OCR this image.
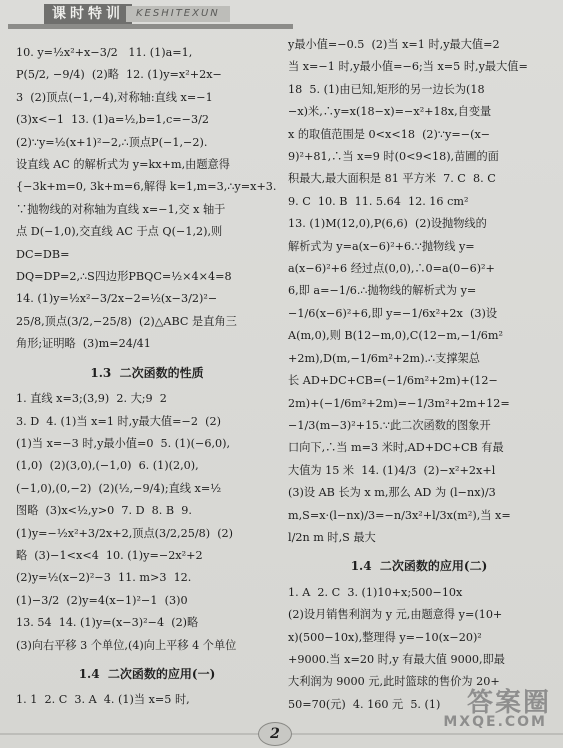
课时特训	KESHITEXUN

10. y=½x²+x−3/2   11. (1)a=1,

P(5/2, −9/4)  (2)略  12. (1)y=x²+2x−

3  (2)顶点(−1,−4),对称轴:直线 x=−1

(3)x<−1  13. (1)a=½,b=1,c=−3/2

(2)∵y=½(x+1)²−2,∴顶点P(−1,−2).

设直线 AC 的解析式为 y=kx+m,由题意得

{−3k+m=0, 3k+m=6,解得 k=1,m=3,∴y=x+3.

∵抛物线的对称轴为直线 x=−1,交 x 轴于

点 D(−1,0),交直线 AC 于点 Q(−1,2),则 DC=DB=

DQ=DP=2,∴S四边形PBQC=½×4×4=8

14. (1)y=½x²−3/2x−2=½(x−3/2)²−

25/8,顶点(3/2,−25/8)  (2)△ABC 是直角三

角形;证明略  (3)m=24/41

1.3  二次函数的性质

1. 直线 x=3;(3,9)  2. 大;9  2

3. D  4. (1)当 x=1 时,y最大值=−2  (2)

(1)当 x=−3 时,y最小值=0  5. (1)(−6,0),

(1,0)  (2)(3,0),(−1,0)  6. (1)(2,0),

(−1,0),(0,−2)  (2)(½,−9/4);直线 x=½

图略  (3)x<½,y>0  7. D  8. B  9.

(1)y=−½x²+3/2x+2,顶点(3/2,25/8)  (2)

略  (3)−1<x<4  10. (1)y=−2x²+2

(2)y=½(x−2)²−3  11. m>3  12.

(1)−3/2  (2)y=4(x−1)²−1  (3)0

13. 54  14. (1)y=(x−3)²−4  (2)略

(3)向右平移 3 个单位,(4)向上平移 4 个单位

1.4  二次函数的应用(一)

1. 1  2. C  3. A  4. (1)当 x=5 时,

y最小值=−0.5  (2)当 x=1 时,y最大值=2

当 x=−1 时,y最小值=−6;当 x=5 时,y最大值=

18  5. (1)由已知,矩形的另一边长为(18

−x)米,∴y=x(18−x)=−x²+18x,自变量

x 的取值范围是 0<x<18  (2)∵y=−(x−

9)²+81,∴当 x=9 时(0<9<18),苗圃的面

积最大,最大面积是 81 平方米  7. C  8. C

9. C  10. B  11. 5.64  12. 16 cm²

13. (1)M(12,0),P(6,6)  (2)设抛物线的

解析式为 y=a(x−6)²+6.∵抛物线 y=

a(x−6)²+6 经过点(0,0),∴0=a(0−6)²+

6,即 a=−1/6.∴抛物线的解析式为 y=

−1/6(x−6)²+6,即 y=−1/6x²+2x  (3)设

A(m,0),则 B(12−m,0),C(12−m,−1/6m²

+2m),D(m,−1/6m²+2m).∴支撑架总

长 AD+DC+CB=(−1/6m²+2m)+(12−

2m)+(−1/6m²+2m)=−1/3m²+2m+12=

−1/3(m−3)²+15.∵此二次函数的图象开

口向下,∴当 m=3 米时,AD+DC+CB 有最

大值为 15 米  14. (1)4/3  (2)−x²+2x+l

(3)设 AB 长为 x m,那么 AD 为 (l−nx)/3

m,S=x·(l−nx)/3=−n/3x²+l/3x(m²),当 x=

l/2n m 时,S 最大

1.4  二次函数的应用(二)

1. A  2. C  3. (1)10+x;500−10x

(2)设月销售利润为 y 元,由题意得 y=(10+

x)(500−10x),整理得 y=−10(x−20)²

+9000.当 x=20 时,y 有最大值 9000,即最

大利润为 9000 元,此时篮球的售价为 20+

50=70(元)  4. 160 元  5. (1)

2
答案圈
MXQE.COM
